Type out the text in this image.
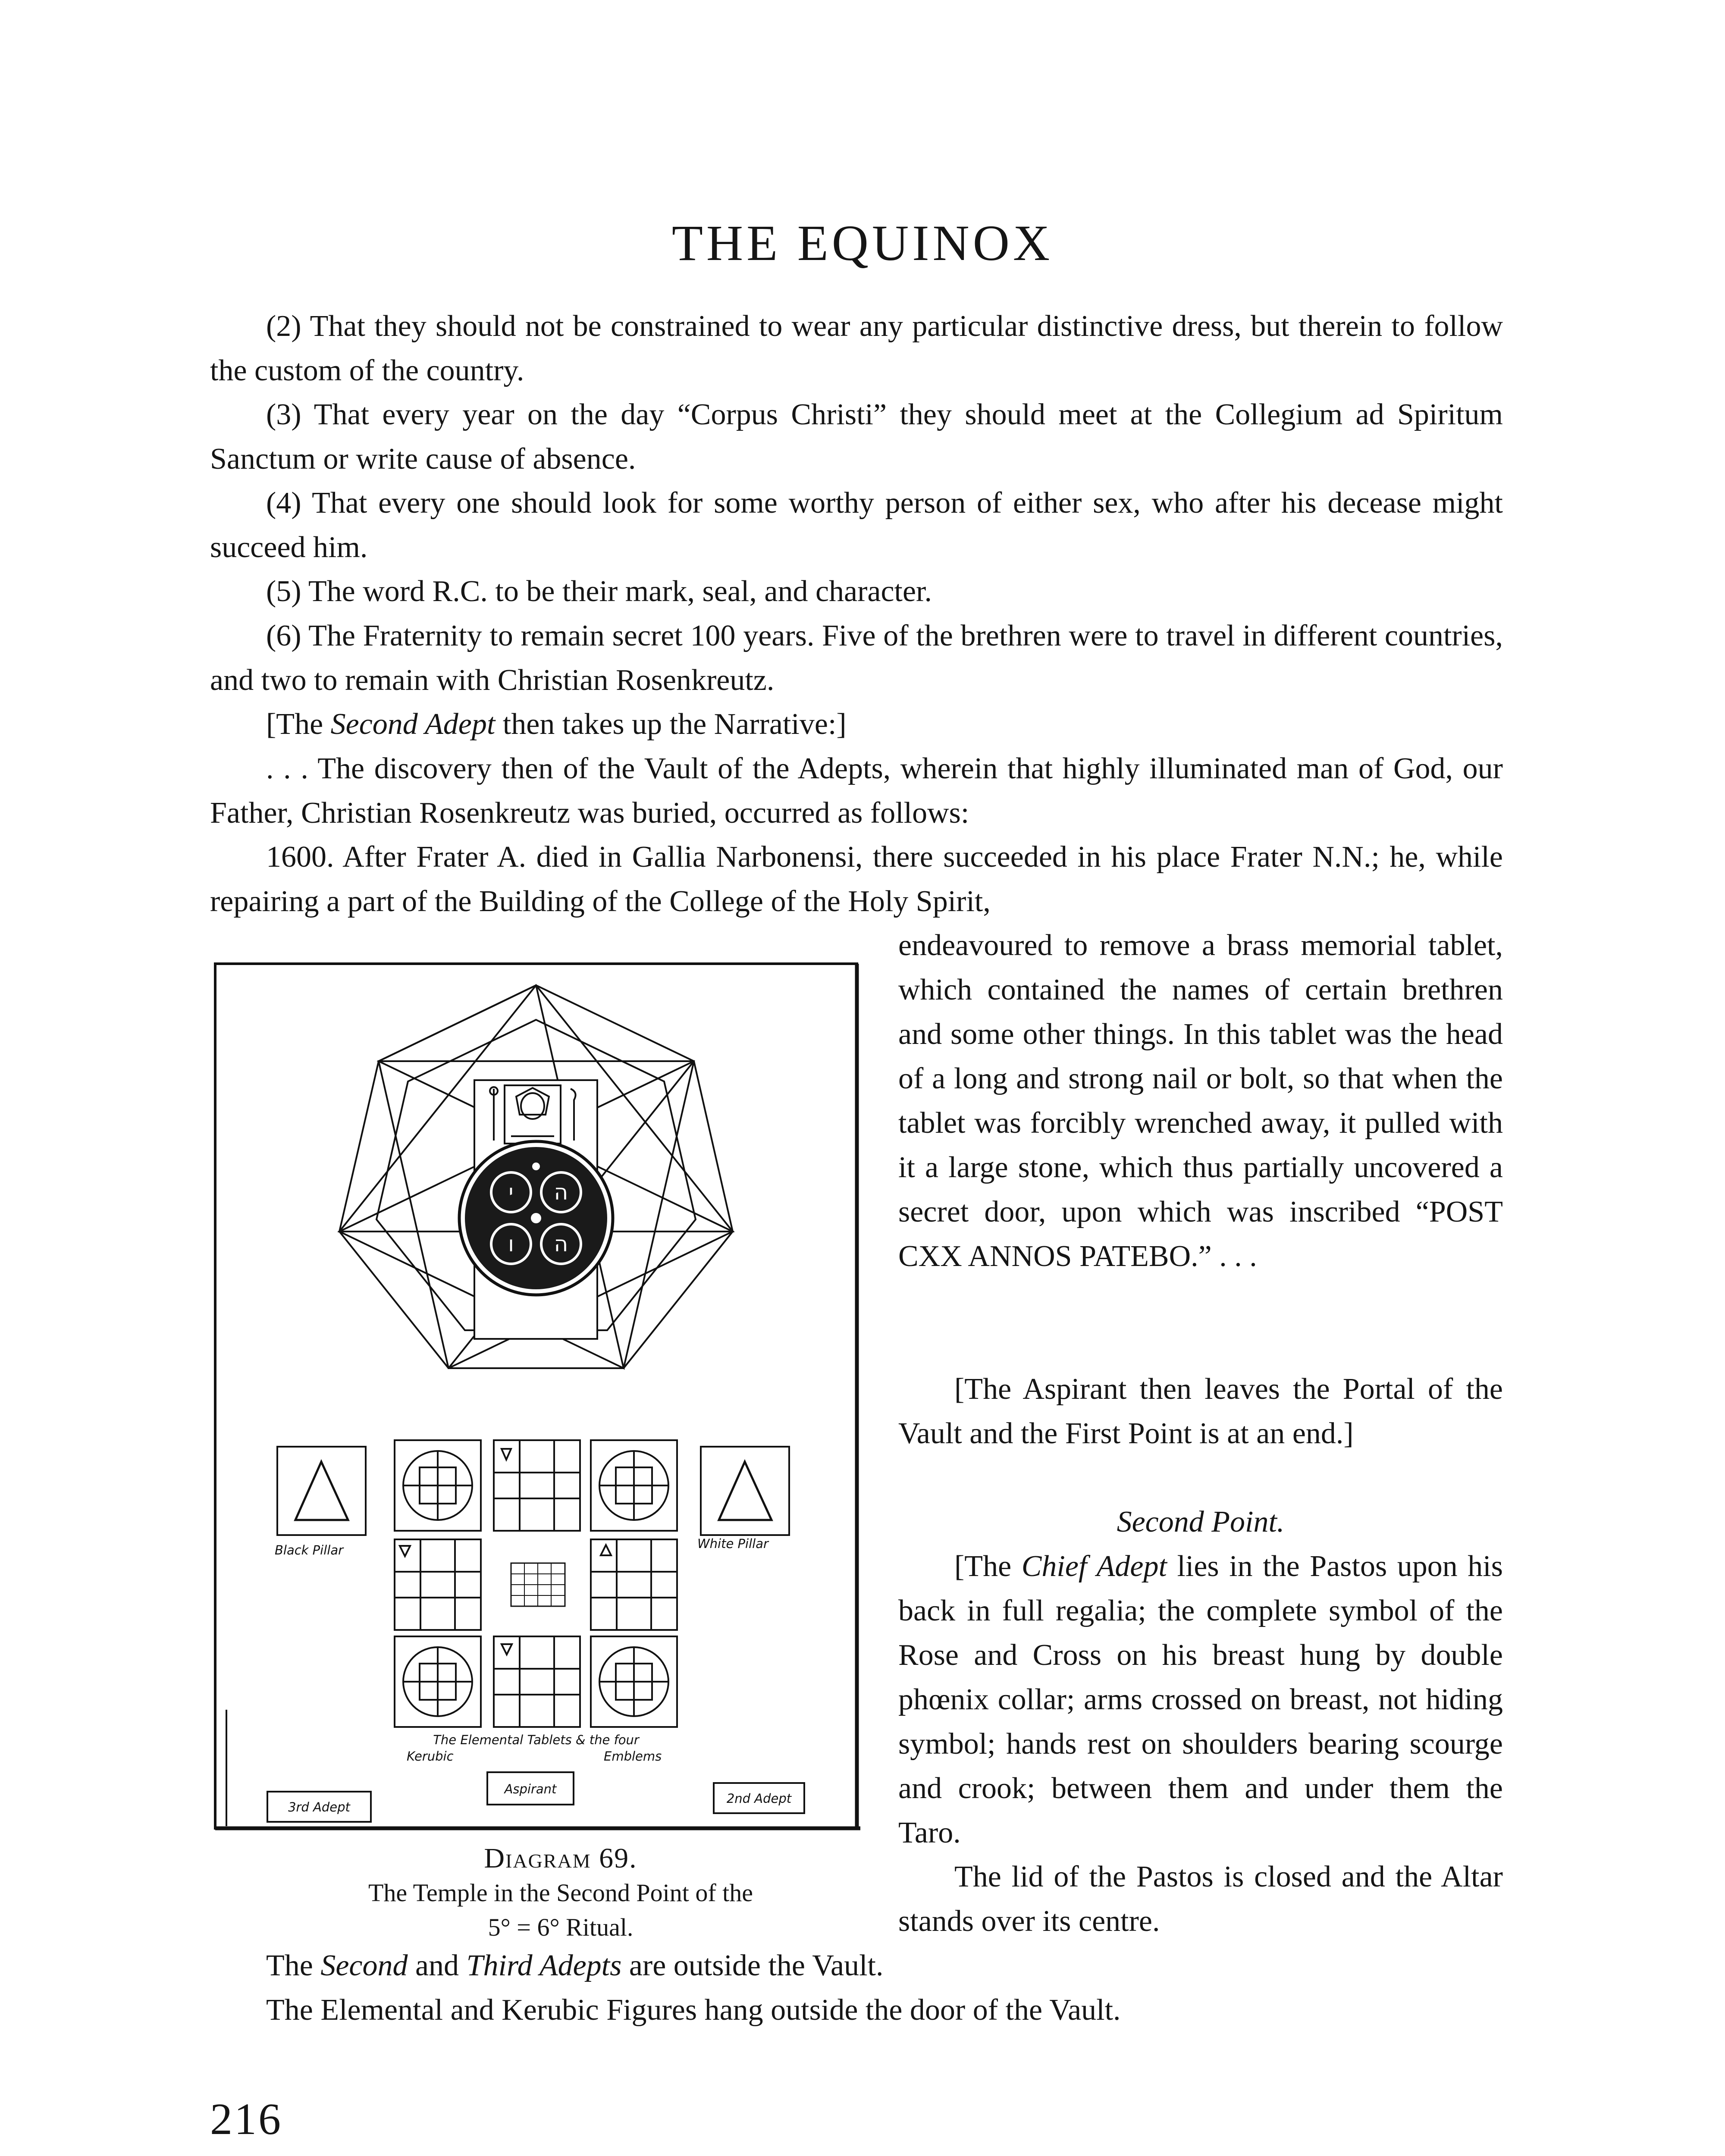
THE EQUINOX
(2) That they should not be constrained to wear any particular distinctive dress, but therein to follow the custom of the country.
(3) That every year on the day “Corpus Christi” they should meet at the Collegium ad Spiritum Sanctum or write cause of absence.
(4) That every one should look for some worthy person of either sex, who after his decease might succeed him.
(5) The word R.C. to be their mark, seal, and character.
(6) The Fraternity to remain secret 100 years. Five of the brethren were to travel in different countries, and two to remain with Christian Rosenkreutz.
[The Second Adept then takes up the Narrative:]
. . . The discovery then of the Vault of the Adepts, wherein that highly illuminated man of God, our Father, Christian Rosenkreutz was buried, occurred as follows:
1600. After Frater A. died in Gallia Narbonensi, there succeeded in his place Frater N.N.; he, while repairing a part of the Building of the College of the Holy Spirit,
endeavoured to remove a brass memorial tablet, which contained the names of certain brethren and some other things. In this tablet was the head of a long and strong nail or bolt, so that when the tablet was forcibly wrenched away, it pulled with it a large stone, which thus partially uncovered a secret door, upon which was inscribed “POST CXX ANNOS PATEBO.” . . .
[The Aspirant then leaves the Portal of the Vault and the First Point is at an end.]
Second Point.
[The Chief Adept lies in the Pastos upon his back in full regalia; the complete symbol of the Rose and Cross on his breast hung by double phœnix collar; arms crossed on breast, not hiding symbol; hands rest on shoulders bearing scourge and crook; between them and under them the Taro.
The lid of the Pastos is closed and the Altar stands over its centre.
The Second and Third Adepts are outside the Vault.
The Elemental and Kerubic Figures hang outside the door of the Vault.
י ה
ו ה
Black Pillar	White Pillar
The Elemental Tablets & the four
Kerubic	Emblems
Aspirant
3rd Adept
2nd Adept
Diagram 69.
The Temple in the Second Point of the
5° = 6° Ritual.
216
